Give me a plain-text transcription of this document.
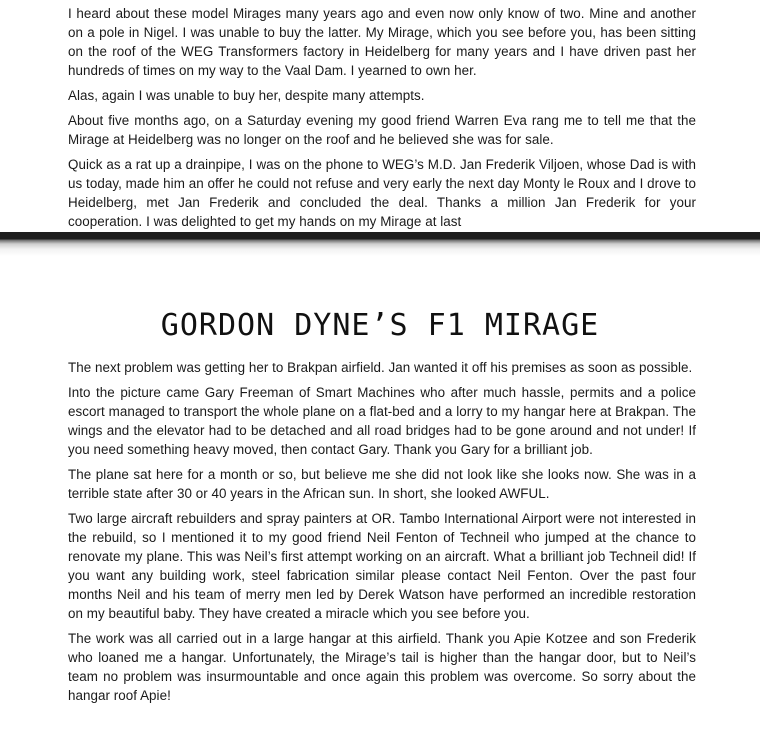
I heard about these model Mirages many years ago and even now only know of two. Mine and another on a pole in Nigel. I was unable to buy the latter. My Mirage, which you see before you, has been sitting on the roof of the WEG Transformers factory in Heidelberg for many years and I have driven past her hundreds of times on my way to the Vaal Dam. I yearned to own her.

Alas, again I was unable to buy her, despite many attempts.

About five months ago, on a Saturday evening my good friend Warren Eva rang me to tell me that the Mirage at Heidelberg was no longer on the roof and he believed she was for sale.

Quick as a rat up a drainpipe, I was on the phone to WEG’s M.D. Jan Frederik Viljoen, whose Dad is with us today, made him an offer he could not refuse and very early the next day Monty le Roux and I drove to Heidelberg, met Jan Frederik and concluded the deal. Thanks a million Jan Frederik for your cooperation. I was delighted to get my hands on my Mirage at last

GORDON DYNE’S F1 MIRAGE

The next problem was getting her to Brakpan airfield. Jan wanted it off his premises as soon as possible.

Into the picture came Gary Freeman of Smart Machines who after much hassle, permits and a police escort managed to transport the whole plane on a flat-bed and a lorry to my hangar here at Brakpan. The wings and the elevator had to be detached and all road bridges had to be gone around and not under! If you need something heavy moved, then contact Gary. Thank you Gary for a brilliant job.

The plane sat here for a month or so, but believe me she did not look like she looks now. She was in a terrible state after 30 or 40 years in the African sun. In short, she looked AWFUL.

Two large aircraft rebuilders and spray painters at OR. Tambo International Airport were not interested in the rebuild, so I mentioned it to my good friend Neil Fenton of Techneil who jumped at the chance to renovate my plane. This was Neil’s first attempt working on an aircraft. What a brilliant job Techneil did! If you want any building work, steel fabrication similar please contact Neil Fenton. Over the past four months Neil and his team of merry men led by Derek Watson have performed an incredible restoration on my beautiful baby. They have created a miracle which you see before you.

The work was all carried out in a large hangar at this airfield. Thank you Apie Kotzee and son Frederik who loaned me a hangar. Unfortunately, the Mirage’s tail is higher than the hangar door, but to Neil’s team no problem was insurmountable and once again this problem was overcome. So sorry about the hangar roof Apie!
